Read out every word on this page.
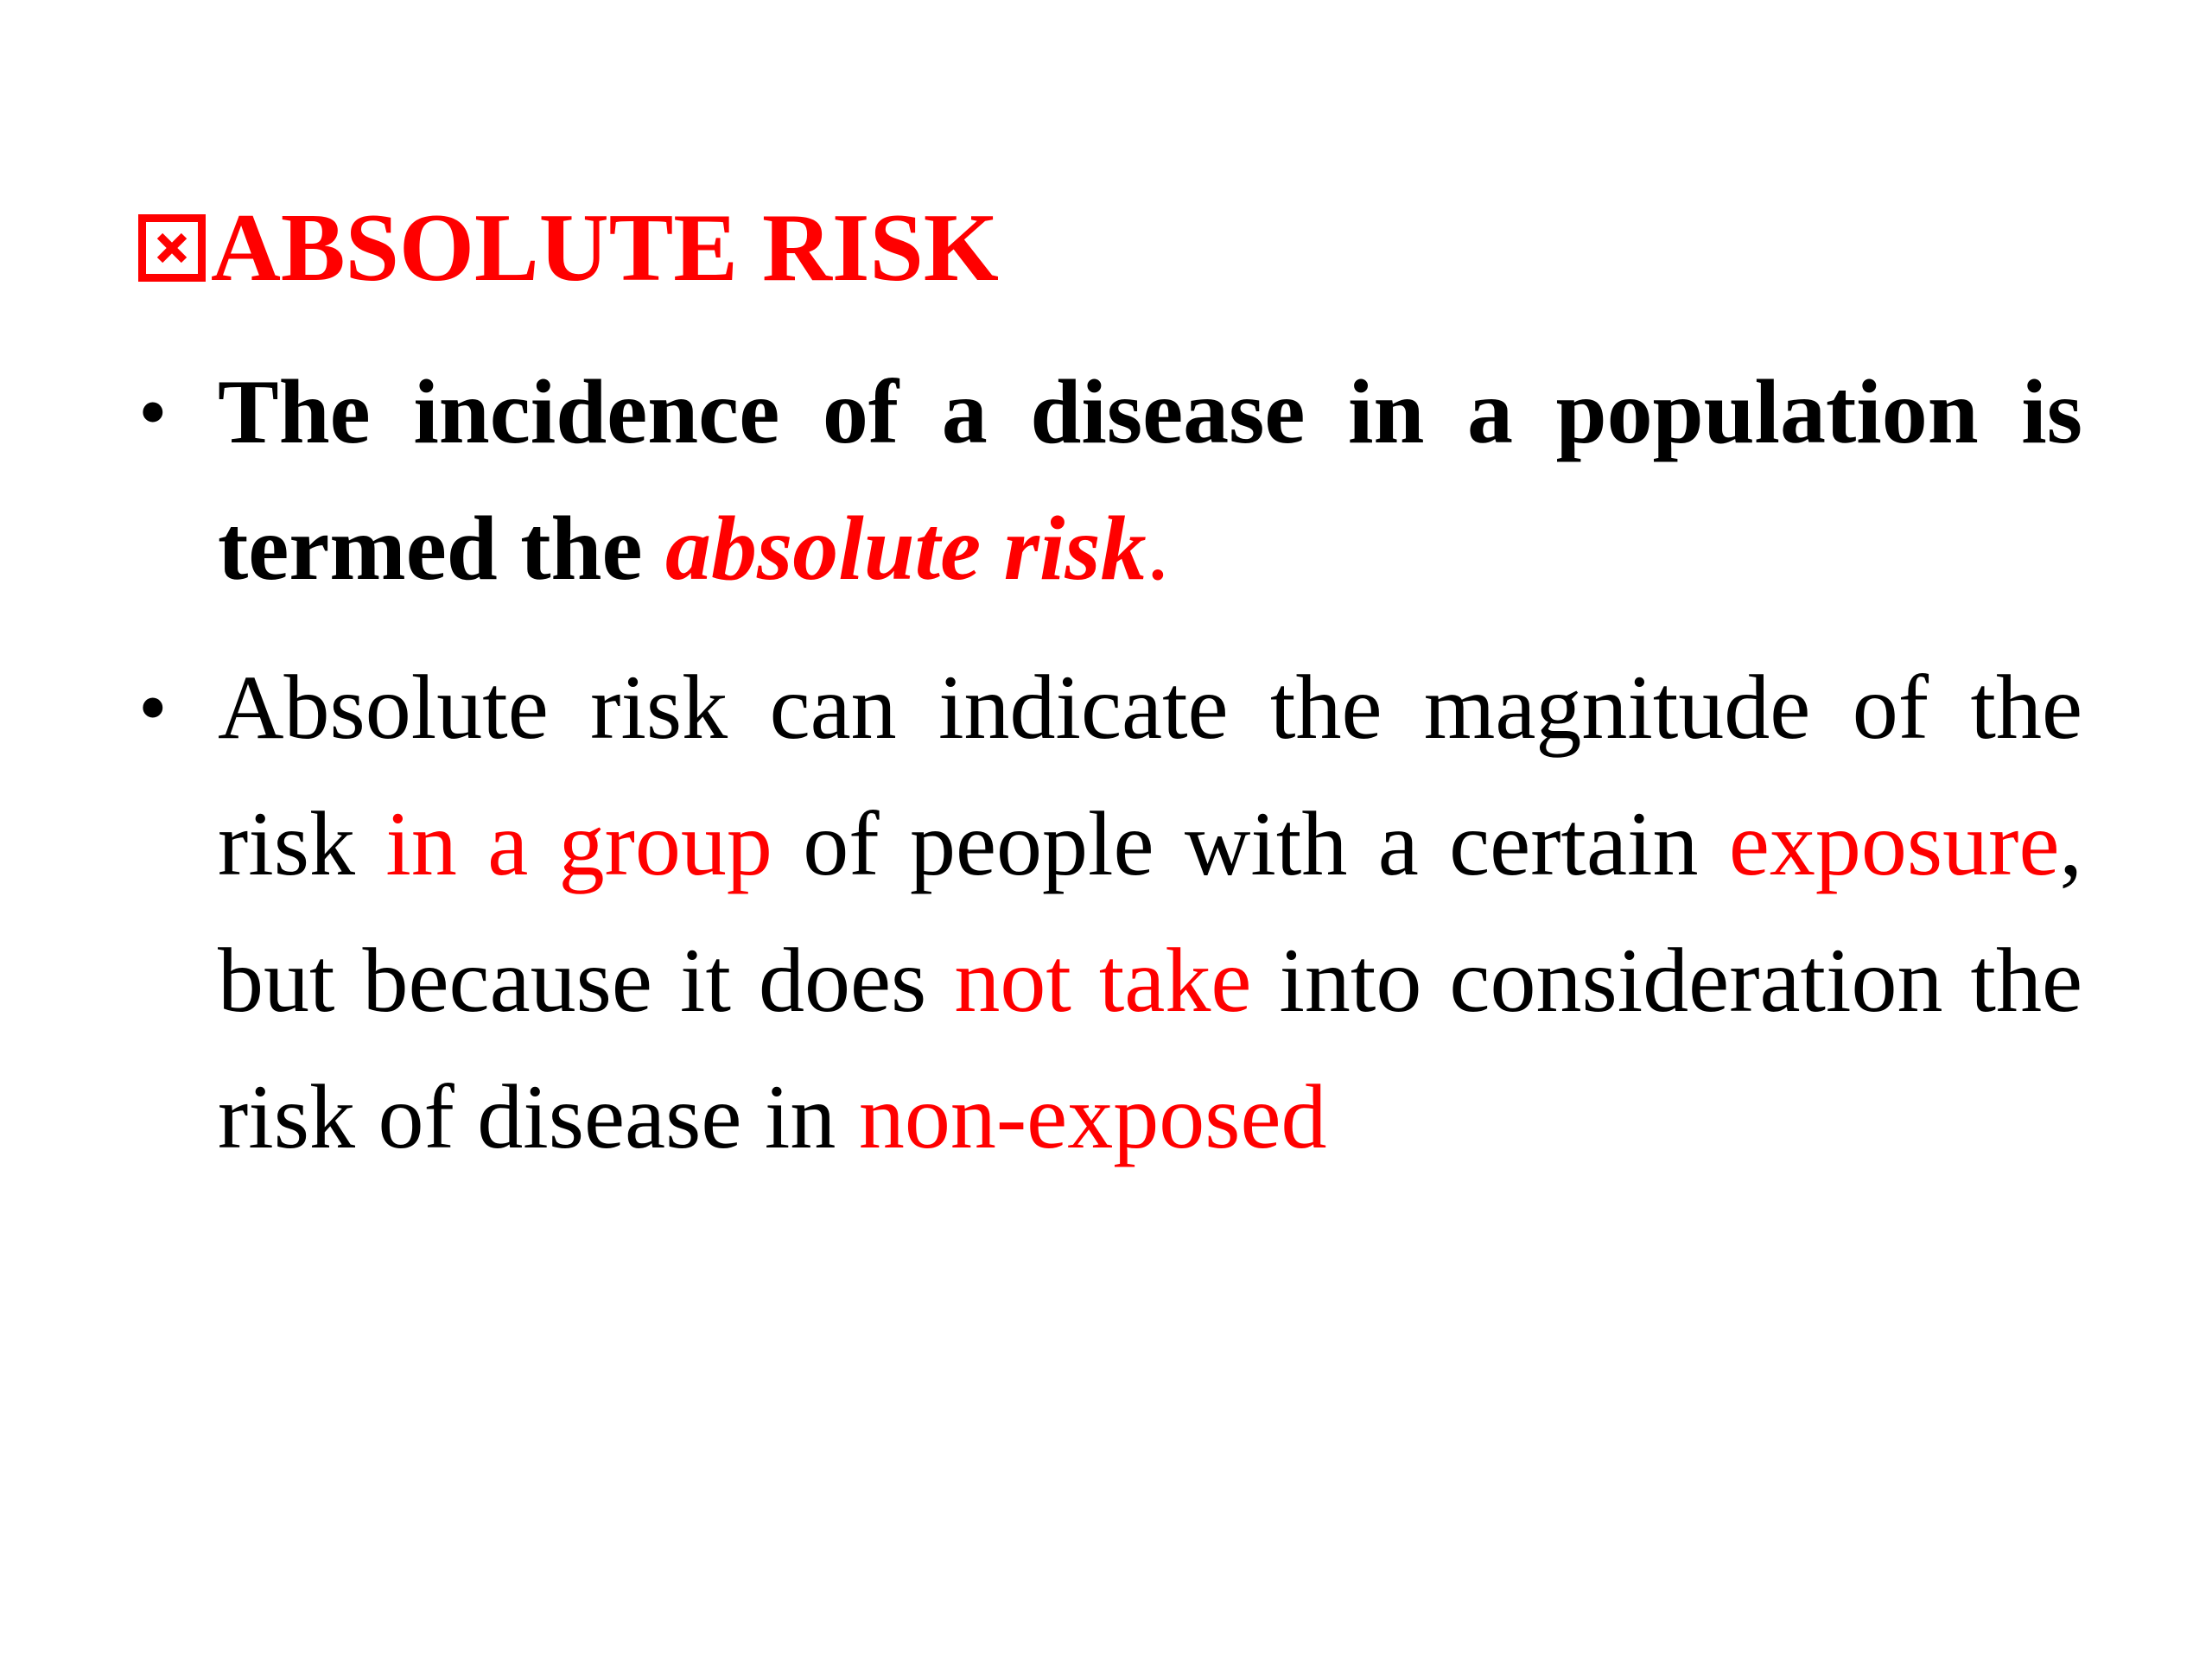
ABSOLUTE RISK
• The incidence of a disease in a population is termed the absolute risk.
• Absolute risk can indicate the magnitude of the risk in a group of people with a certain exposure, but because it does not take into consideration the risk of disease in non-exposed
